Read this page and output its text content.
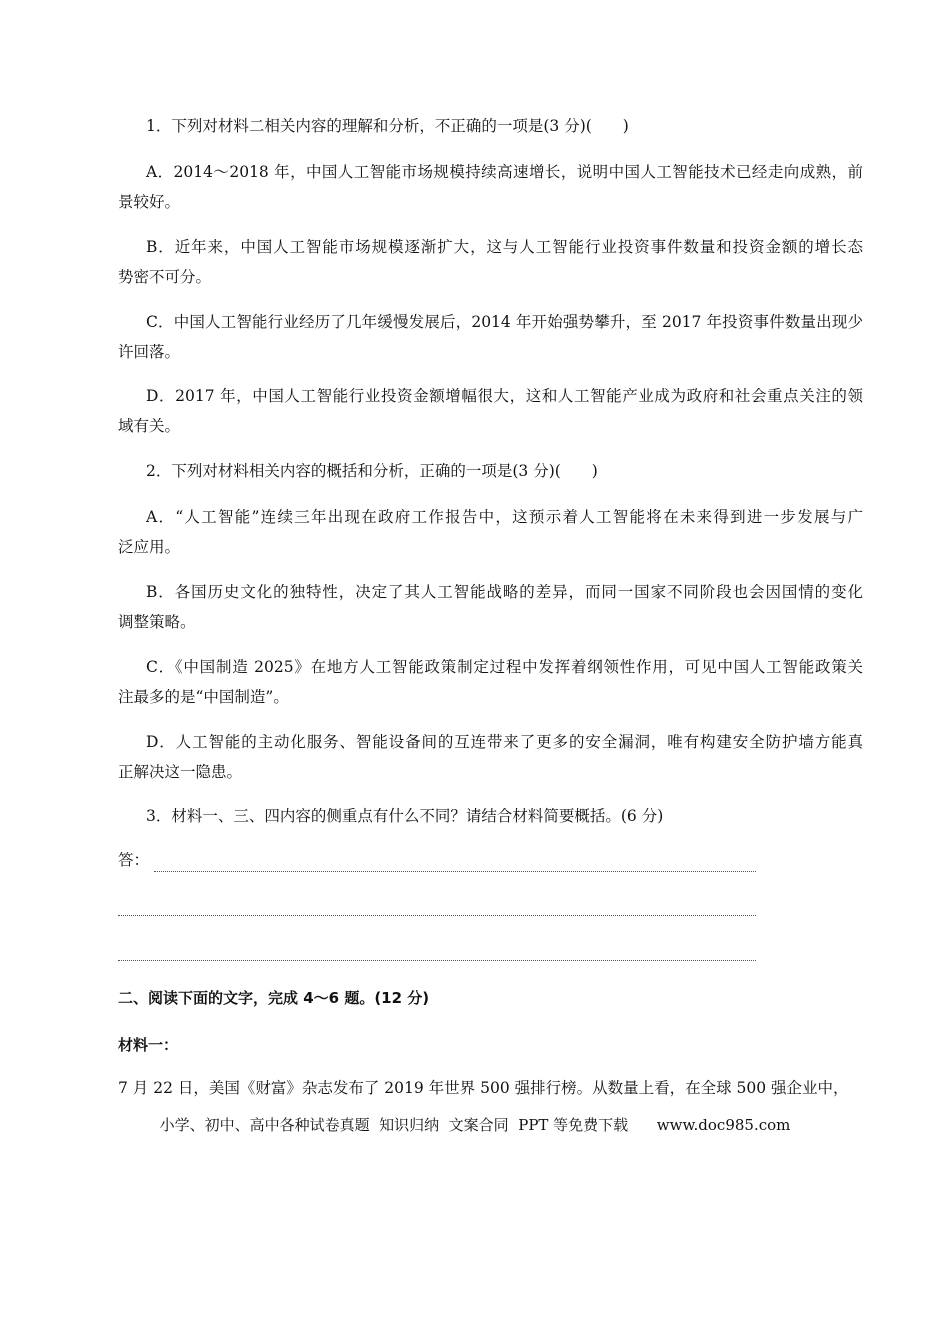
1．下列对材料二相关内容的理解和分析，不正确的一项是(3 分)(　　)
A．2014～2018 年，中国人工智能市场规模持续高速增长，说明中国人工智能技术已经走向成熟，前
景较好。
B．近年来，中国人工智能市场规模逐渐扩大，这与人工智能行业投资事件数量和投资金额的增长态
势密不可分。
C．中国人工智能行业经历了几年缓慢发展后，2014 年开始强势攀升，至 2017 年投资事件数量出现少
许回落。
D．2017 年，中国人工智能行业投资金额增幅很大，这和人工智能产业成为政府和社会重点关注的领
域有关。
2．下列对材料相关内容的概括和分析，正确的一项是(3 分)(　　)
A．“人工智能”连续三年出现在政府工作报告中，这预示着人工智能将在未来得到进一步发展与广
泛应用。
B．各国历史文化的独特性，决定了其人工智能战略的差异，而同一国家不同阶段也会因国情的变化
调整策略。
C．《中国制造 2025》在地方人工智能政策制定过程中发挥着纲领性作用，可见中国人工智能政策关
注最多的是“中国制造”。
D．人工智能的主动化服务、智能设备间的互连带来了更多的安全漏洞，唯有构建安全防护墙方能真
正解决这一隐患。
3．材料一、三、四内容的侧重点有什么不同？请结合材料简要概括。(6 分)
答：
二、阅读下面的文字，完成 4～6 题。(12 分)
材料一：
7 月 22 日，美国《财富》杂志发布了 2019 年世界 500 强排行榜。从数量上看，在全球 500 强企业中，
小学、初中、高中各种试卷真题  知识归纳  文案合同  PPT 等免费下载      www.doc985.com
